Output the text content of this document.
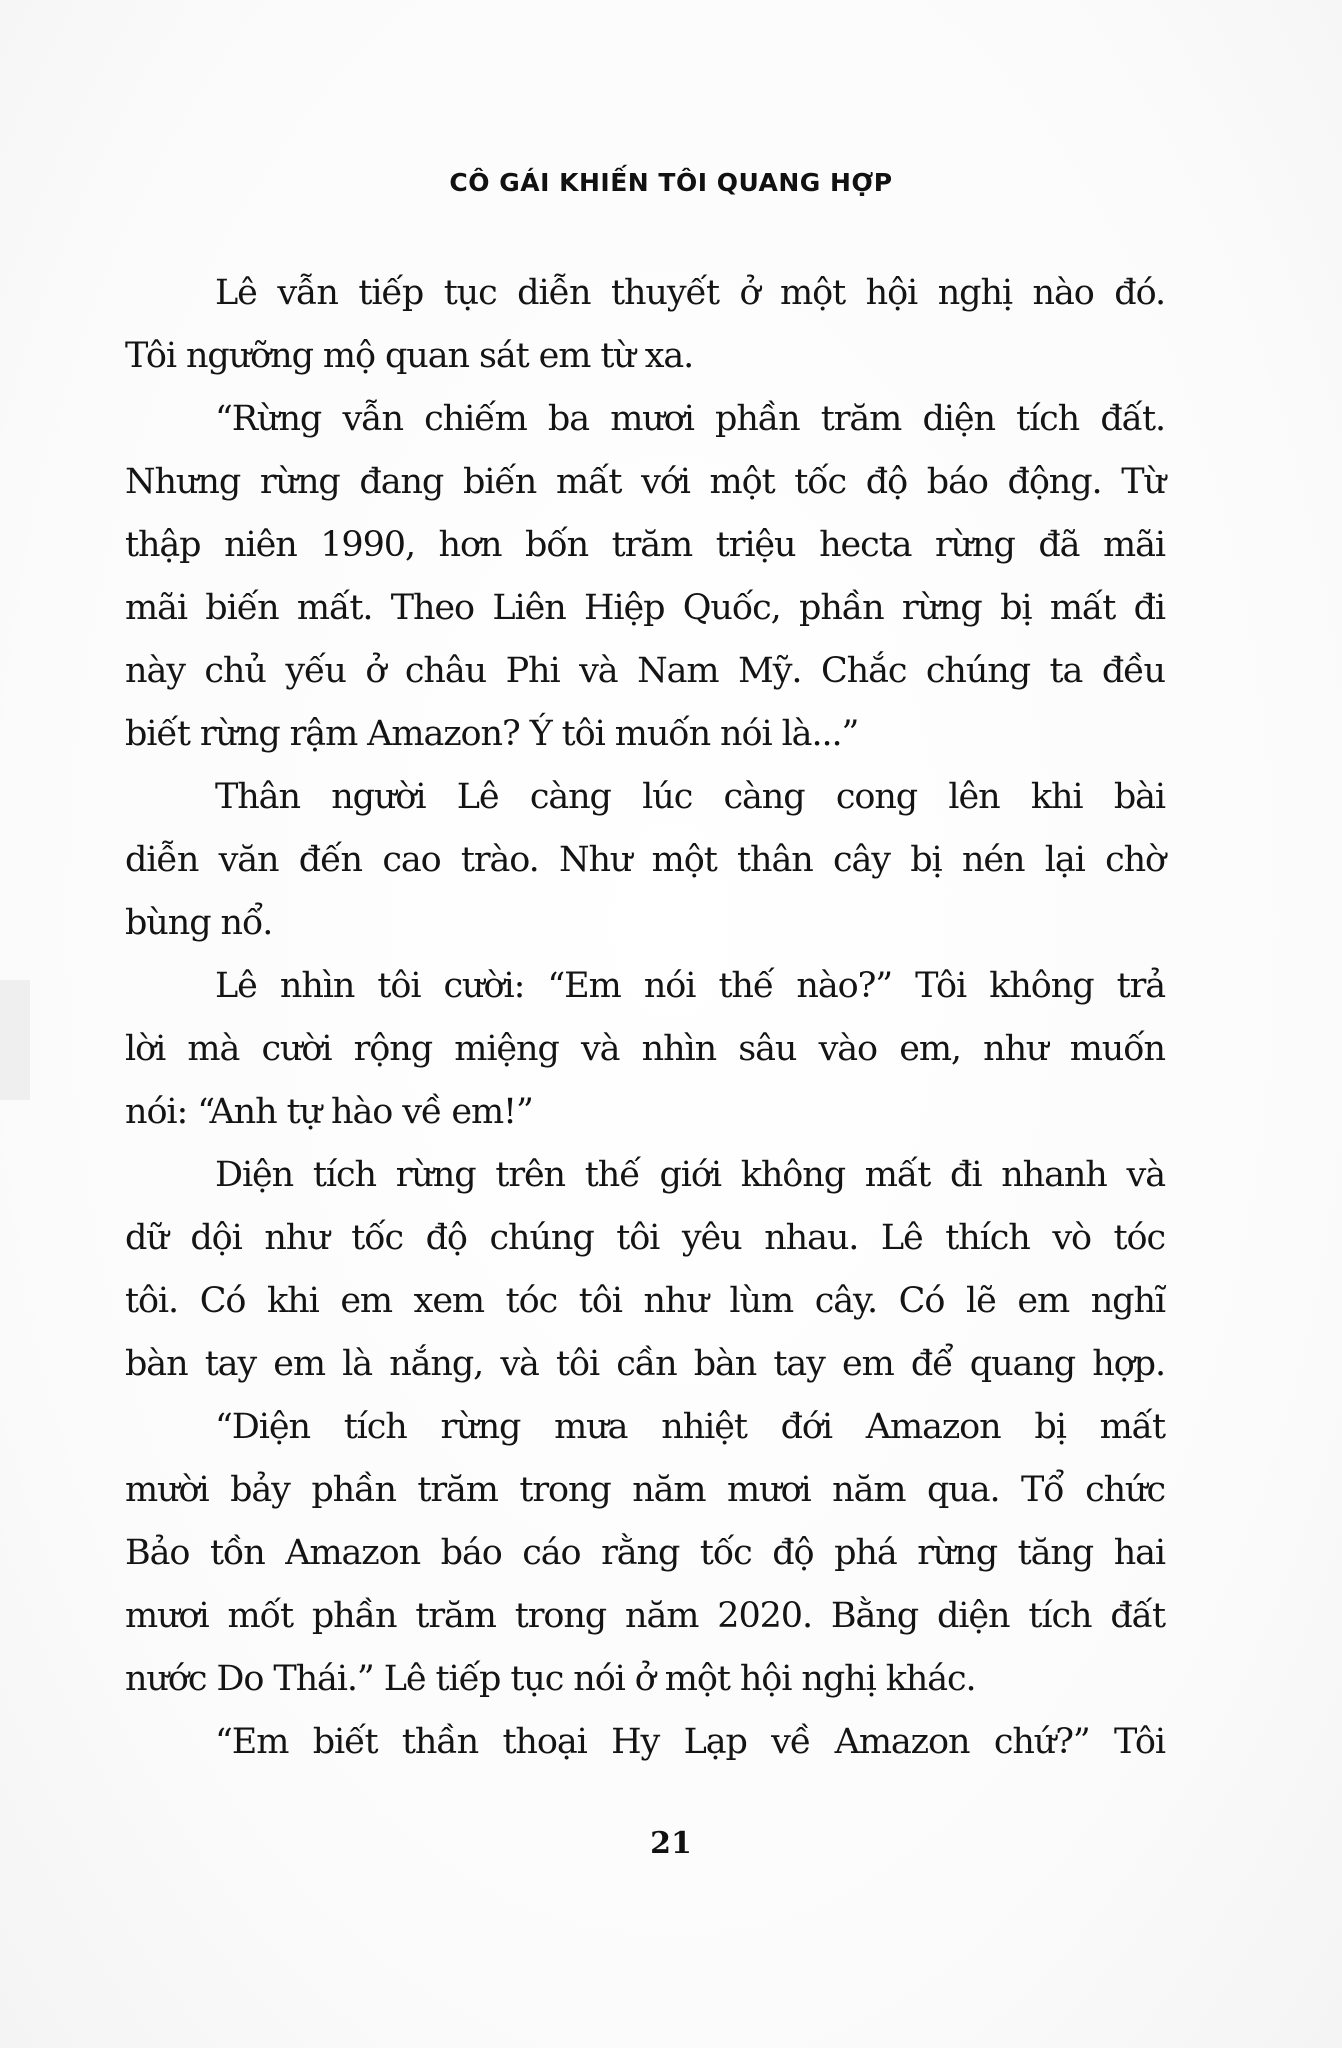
CÔ GÁI KHIẾN TÔI QUANG HỢP
Lê vẫn tiếp tục diễn thuyết ở một hội nghị nào đó.
Tôi ngưỡng mộ quan sát em từ xa.
“Rừng vẫn chiếm ba mươi phần trăm diện tích đất.
Nhưng rừng đang biến mất với một tốc độ báo động. Từ
thập niên 1990, hơn bốn trăm triệu hecta rừng đã mãi
mãi biến mất. Theo Liên Hiệp Quốc, phần rừng bị mất đi
này chủ yếu ở châu Phi và Nam Mỹ. Chắc chúng ta đều
biết rừng rậm Amazon? Ý tôi muốn nói là...”
Thân người Lê càng lúc càng cong lên khi bài
diễn văn đến cao trào. Như một thân cây bị nén lại chờ
bùng nổ.
Lê nhìn tôi cười: “Em nói thế nào?” Tôi không trả
lời mà cười rộng miệng và nhìn sâu vào em, như muốn
nói: “Anh tự hào về em!”
Diện tích rừng trên thế giới không mất đi nhanh và
dữ dội như tốc độ chúng tôi yêu nhau. Lê thích vò tóc
tôi. Có khi em xem tóc tôi như lùm cây. Có lẽ em nghĩ
bàn tay em là nắng, và tôi cần bàn tay em để quang hợp.
“Diện tích rừng mưa nhiệt đới Amazon bị mất
mười bảy phần trăm trong năm mươi năm qua. Tổ chức
Bảo tồn Amazon báo cáo rằng tốc độ phá rừng tăng hai
mươi mốt phần trăm trong năm 2020. Bằng diện tích đất
nước Do Thái.” Lê tiếp tục nói ở một hội nghị khác.
“Em biết thần thoại Hy Lạp về Amazon chứ?” Tôi
21
